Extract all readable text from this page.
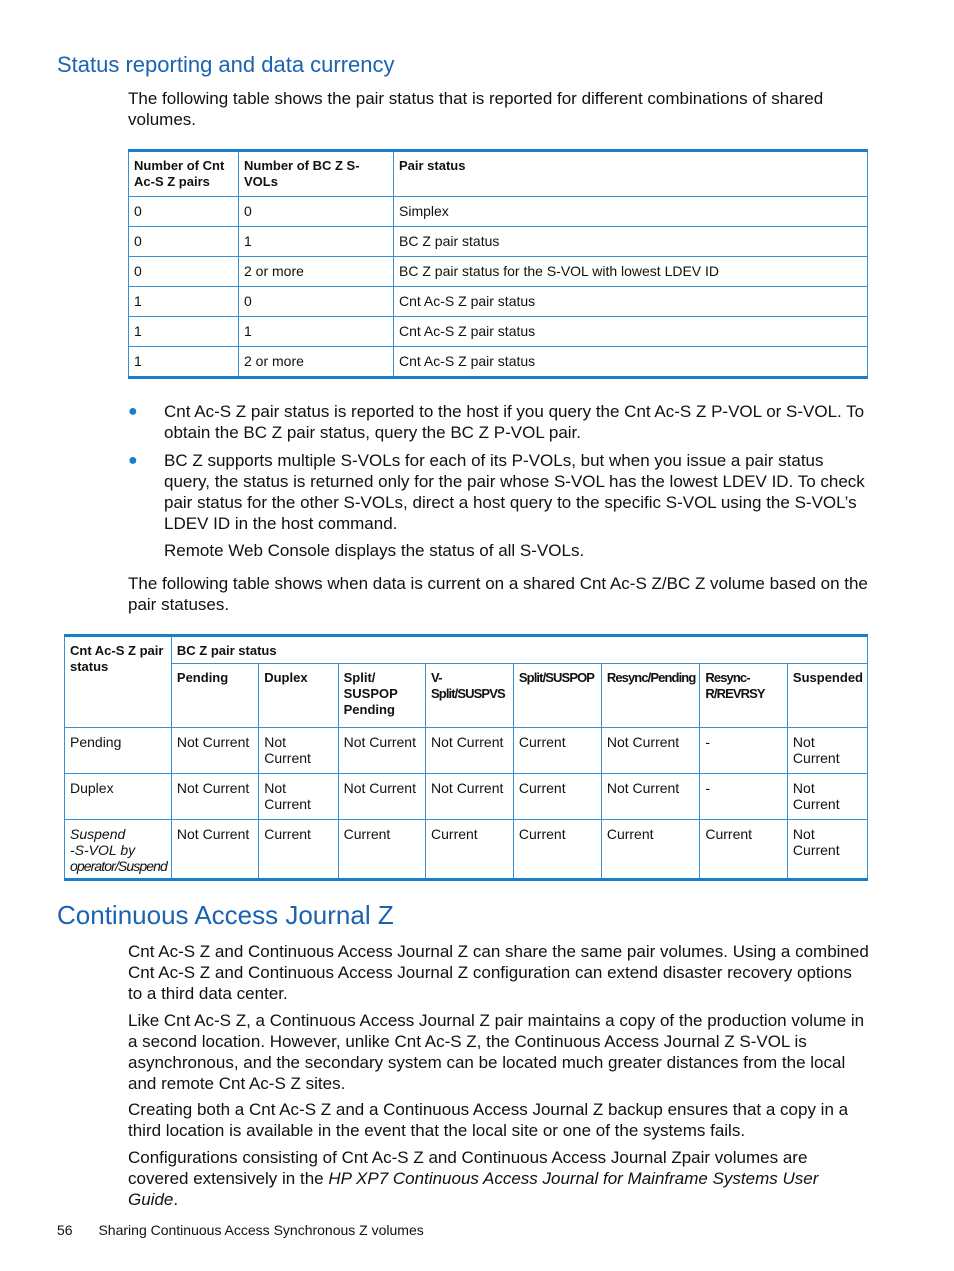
Status reporting and data currency

The following table shows the pair status that is reported for different combinations of shared volumes.

Number of Cnt Ac-S Z pairs	Number of BC Z S-VOLs	Pair status
0	0	Simplex
0	1	BC Z pair status
0	2 or more	BC Z pair status for the S-VOL with lowest LDEV ID
1	0	Cnt Ac-S Z pair status
1	1	Cnt Ac-S Z pair status
1	2 or more	Cnt Ac-S Z pair status
● Cnt Ac-S Z pair status is reported to the host if you query the Cnt Ac-S Z P-VOL or S-VOL. To obtain the BC Z pair status, query the BC Z P-VOL pair.
● BC Z supports multiple S-VOLs for each of its P-VOLs, but when you issue a pair status query, the status is returned only for the pair whose S-VOL has the lowest LDEV ID. To check pair status for the other S-VOLs, direct a host query to the specific S-VOL using the S-VOL’s LDEV ID in the host command.

Remote Web Console displays the status of all S-VOLs.

The following table shows when data is current on a shared Cnt Ac-S Z/BC Z volume based on the pair statuses.

Cnt Ac-S Z pair status	BC Z pair status							
	Pending	Duplex	Split/ SUSPOP Pending	V-Split/SUSPVS	Split/SUSPOP	Resync/Pending	Resync-R/REVRSY	Suspended
Pending	Not Current	Not Current	Not Current	Not Current	Current	Not Current	-	Not Current
Duplex	Not Current	Not Current	Not Current	Not Current	Current	Not Current	-	Not Current

Suspend
-S-VOL by
operator/Suspend	Not Current	Current	Current	Current	Current	Current	Current	Not Current
Continuous Access Journal Z

Cnt Ac-S Z and Continuous Access Journal Z can share the same pair volumes. Using a combined Cnt Ac-S Z and Continuous Access Journal Z configuration can extend disaster recovery options to a third data center.

Like Cnt Ac-S Z, a Continuous Access Journal Z pair maintains a copy of the production volume in a second location. However, unlike Cnt Ac-S Z, the Continuous Access Journal Z S-VOL is asynchronous, and the secondary system can be located much greater distances from the local and remote Cnt Ac-S Z sites.

Creating both a Cnt Ac-S Z and a Continuous Access Journal Z backup ensures that a copy in a third location is available in the event that the local site or one of the systems fails.

Configurations consisting of Cnt Ac-S Z and Continuous Access Journal Zpair volumes are covered extensively in the HP XP7 Continuous Access Journal for Mainframe Systems User Guide.

56 Sharing Continuous Access Synchronous Z volumes
